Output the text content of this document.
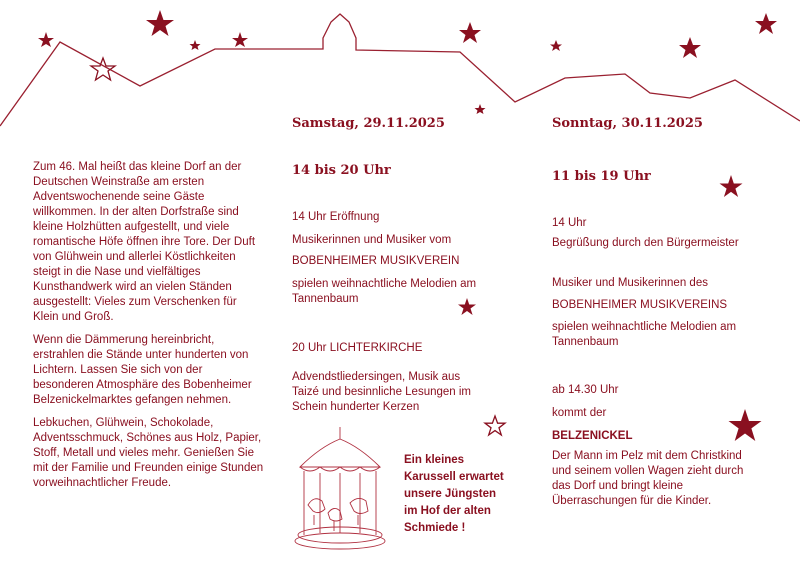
Zum 46. Mal heißt das kleine Dorf an der Deutschen Weinstraße am ersten Adventswochenende seine Gäste willkommen. In der alten Dorfstraße sind kleine Holzhütten aufgestellt, und viele romantische Höfe öffnen ihre Tore. Der Duft von Glühwein und allerlei Köstlichkeiten steigt in die Nase und vielfältiges Kunsthandwerk wird an vielen Ständen ausgestellt: Vieles zum Verschenken für Klein und Groß.

Wenn die Dämmerung hereinbricht, erstrahlen die Stände unter hunderten von Lichtern. Lassen Sie sich von der besonderen Atmosphäre des Bobenheimer Belzenickelmarktes gefangen nehmen.

Lebkuchen, Glühwein, Schokolade, Adventsschmuck, Schönes aus Holz, Papier, Stoff, Metall und vieles mehr. Genießen Sie mit der Familie und Freunden einige Stunden vorweihnachtlicher Freude.

Samstag, 29.11.2025
14 bis 20 Uhr
14 Uhr Eröffnung
Musikerinnen und Musiker vom
BOBENHEIMER MUSIKVEREIN
spielen weihnachtliche Melodien am
Tannenbaum
20 Uhr LICHTERKIRCHE
Advendstliedersingen, Musik aus
Taizé und besinnliche Lesungen im
Schein hunderter Kerzen
Ein kleines
Karussell erwartet
unsere Jüngsten
im Hof der alten
Schmiede !
Sonntag, 30.11.2025
11 bis 19 Uhr
14 Uhr
Begrüßung durch den Bürgermeister
Musiker und Musikerinnen des
BOBENHEIMER MUSIKVEREINS
spielen weihnachtliche Melodien am
Tannenbaum
ab 14.30 Uhr
kommt der
BELZENICKEL
Der Mann im Pelz mit dem Christkind
und seinem vollen Wagen zieht durch
das Dorf und bringt kleine
Überraschungen für die Kinder.
